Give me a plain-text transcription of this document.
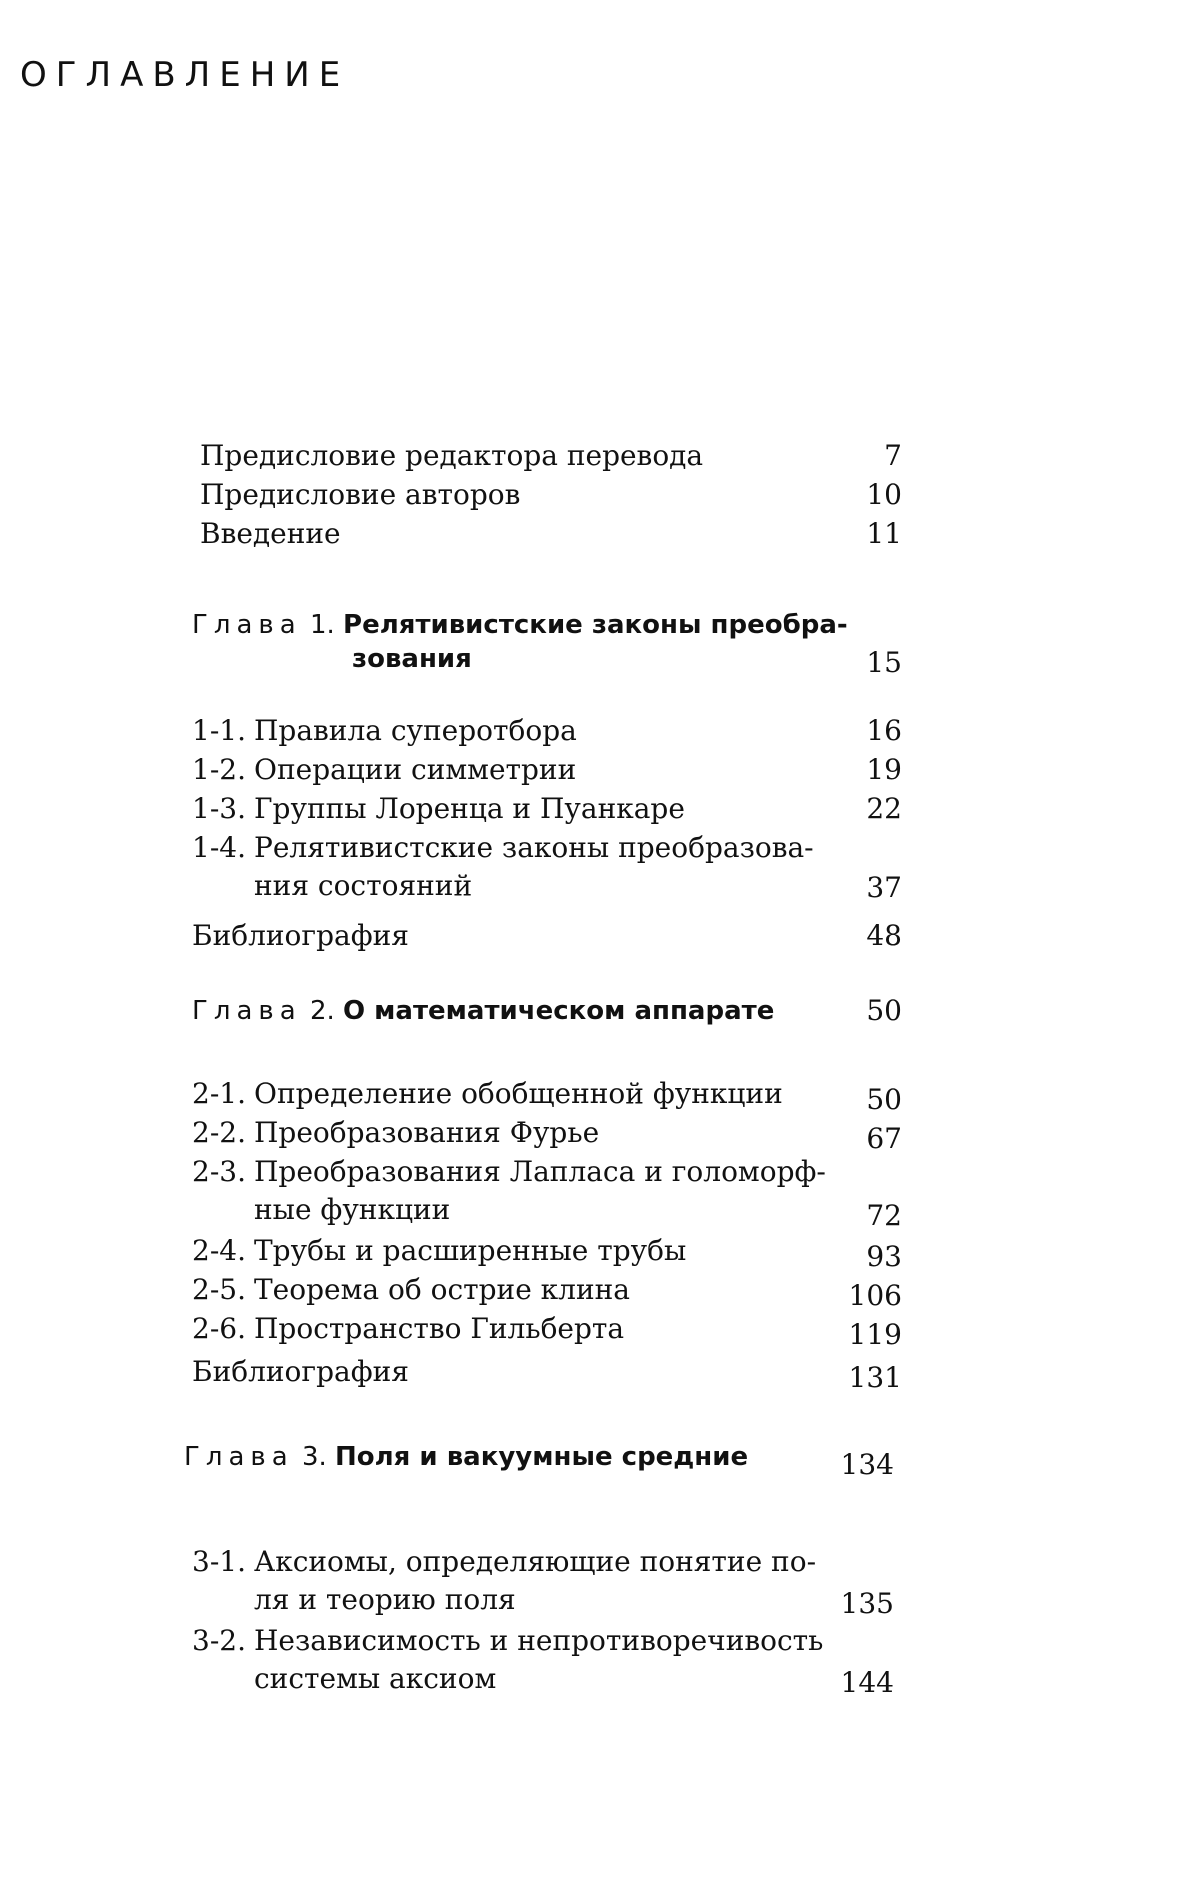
ОГЛАВЛЕНИЕ
Предисловие редактора перевода	7
Предисловие авторов	10
Введение	11
Глава 1. Релятивистские законы преобра-
зования	15
1-1. Правила суперотбора	16
1-2. Операции симметрии	19
1-3. Группы Лоренца и Пуанкаре	22
1-4. Релятивистские законы преобразова-
ния состояний	37
Библиография	48
Глава 2. О математическом аппарате	50
2-1. Определение обобщенной функции	50
2-2. Преобразования Фурье	67
2-3. Преобразования Лапласа и голоморф-
ные функции	72
2-4. Трубы и расширенные трубы	93
2-5. Теорема об острие клина	106
2-6. Пространство Гильберта	119
Библиография	131
Глава 3. Поля и вакуумные средние	134
3-1. Аксиомы, определяющие понятие по-
ля и теорию поля	135
3-2. Независимость и непротиворечивость
системы аксиом	144
